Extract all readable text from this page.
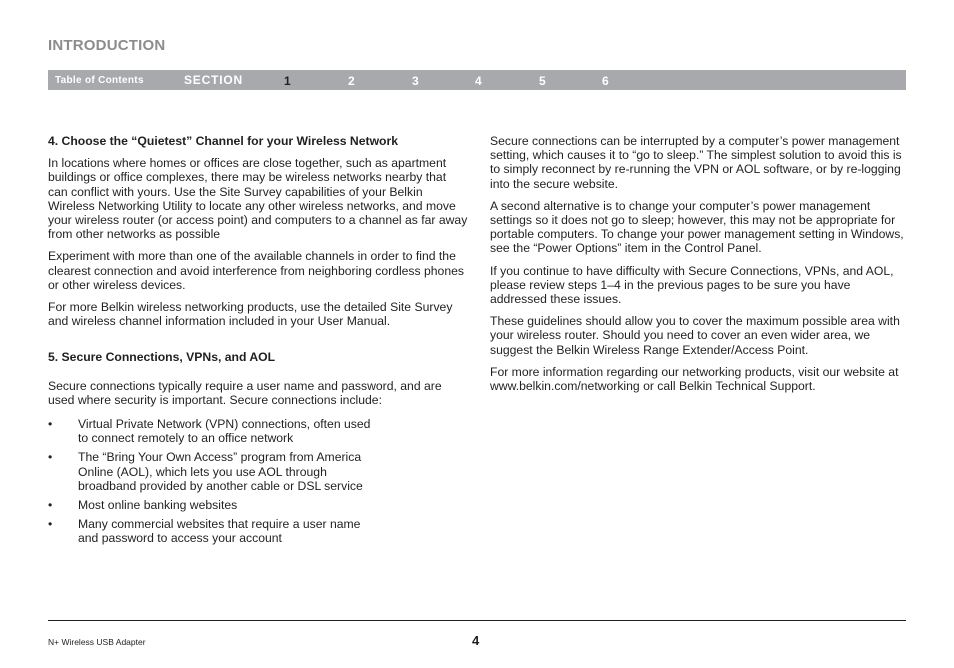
INTRODUCTION
Table of Contents	SECTION	1	2	3	4	5	6
4. Choose the “Quietest” Channel for your Wireless Network

In locations where homes or offices are close together, such as apartment buildings or office complexes, there may be wireless networks nearby that can conflict with yours. Use the Site Survey capabilities of your Belkin Wireless Networking Utility to locate any other wireless networks, and move your wireless router (or access point) and computers to a channel as far away from other networks as possible

Experiment with more than one of the available channels in order to find the clearest connection and avoid interference from neighboring cordless phones or other wireless devices.

For more Belkin wireless networking products, use the detailed Site Survey and wireless channel information included in your User Manual.

5. Secure Connections, VPNs, and AOL

Secure connections typically require a user name and password, and are used where security is important. Secure connections include:

• Virtual Private Network (VPN) connections, often used to connect remotely to an office network
• The “Bring Your Own Access” program from America Online (AOL), which lets you use AOL through broadband provided by another cable or DSL service
• Most online banking websites
• Many commercial websites that require a user name and password to access your account

Secure connections can be interrupted by a computer’s power management setting, which causes it to “go to sleep.” The simplest solution to avoid this is to simply reconnect by re-running the VPN or AOL software, or by re-logging into the secure website.

A second alternative is to change your computer’s power management settings so it does not go to sleep; however, this may not be appropriate for portable computers. To change your power management setting in Windows, see the “Power Options” item in the Control Panel.

If you continue to have difficulty with Secure Connections, VPNs, and AOL, please review steps 1–4 in the previous pages to be sure you have addressed these issues.

These guidelines should allow you to cover the maximum possible area with your wireless router. Should you need to cover an even wider area, we suggest the Belkin Wireless Range Extender/Access Point.

For more information regarding our networking products, visit our website at www.belkin.com/networking or call Belkin Technical Support.

N+ Wireless USB Adapter	4
